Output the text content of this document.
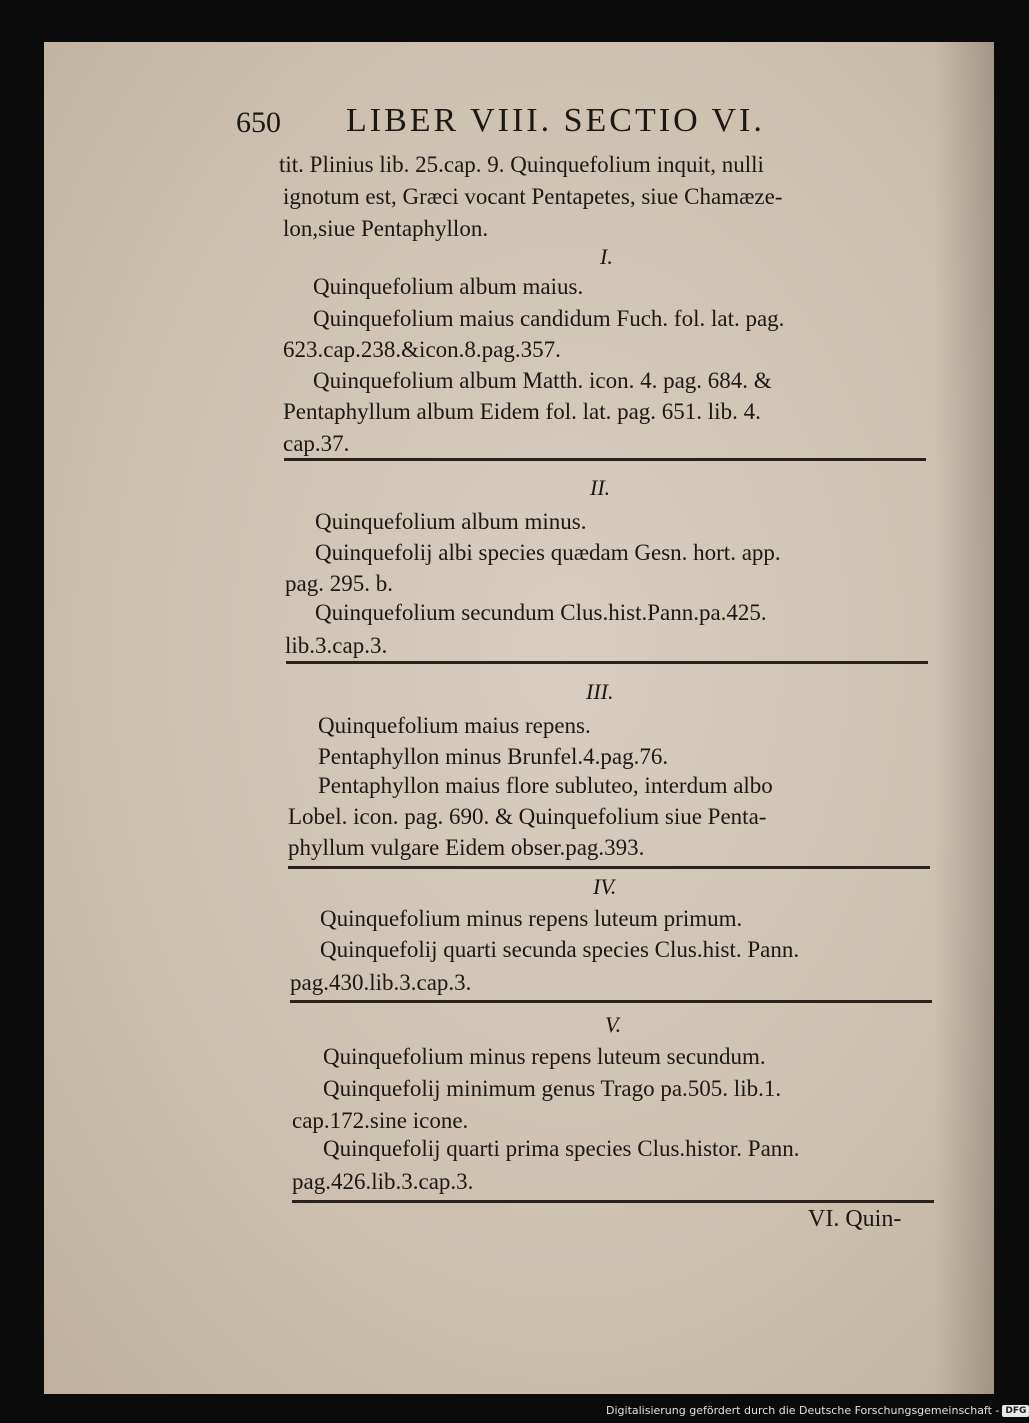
650 LIBER VIII. SECTIO VI.
tit. Plinius lib. 25.cap. 9. Quinquefolium inquit, nulli
ignotum est, Græci vocant Pentapetes, siue Chamæze-
lon,siue Pentaphyllon.
I.
Quinquefolium album maius.
Quinquefolium maius candidum Fuch. fol. lat. pag.
623.cap.238.&icon.8.pag.357.
Quinquefolium album Matth. icon. 4. pag. 684. &
Pentaphyllum album Eidem fol. lat. pag. 651. lib. 4.
cap.37.
II.
Quinquefolium album minus.
Quinquefolij albi species quædam Gesn. hort. app.
pag. 295. b.
Quinquefolium secundum Clus.hist.Pann.pa.425.
lib.3.cap.3.
III.
Quinquefolium maius repens.
Pentaphyllon minus Brunfel.4.pag.76.
Pentaphyllon maius flore subluteo, interdum albo
Lobel. icon. pag. 690. & Quinquefolium siue Penta-
phyllum vulgare Eidem obser.pag.393.
IV.
Quinquefolium minus repens luteum primum.
Quinquefolij quarti secunda species Clus.hist. Pann.
pag.430.lib.3.cap.3.
V.
Quinquefolium minus repens luteum secundum.
Quinquefolij minimum genus Trago pa.505. lib.1.
cap.172.sine icone.
Quinquefolij quarti prima species Clus.histor. Pann.
pag.426.lib.3.cap.3.
VI. Quin-
Digitalisierung gefördert durch die Deutsche Forschungsgemeinschaft - DFG
